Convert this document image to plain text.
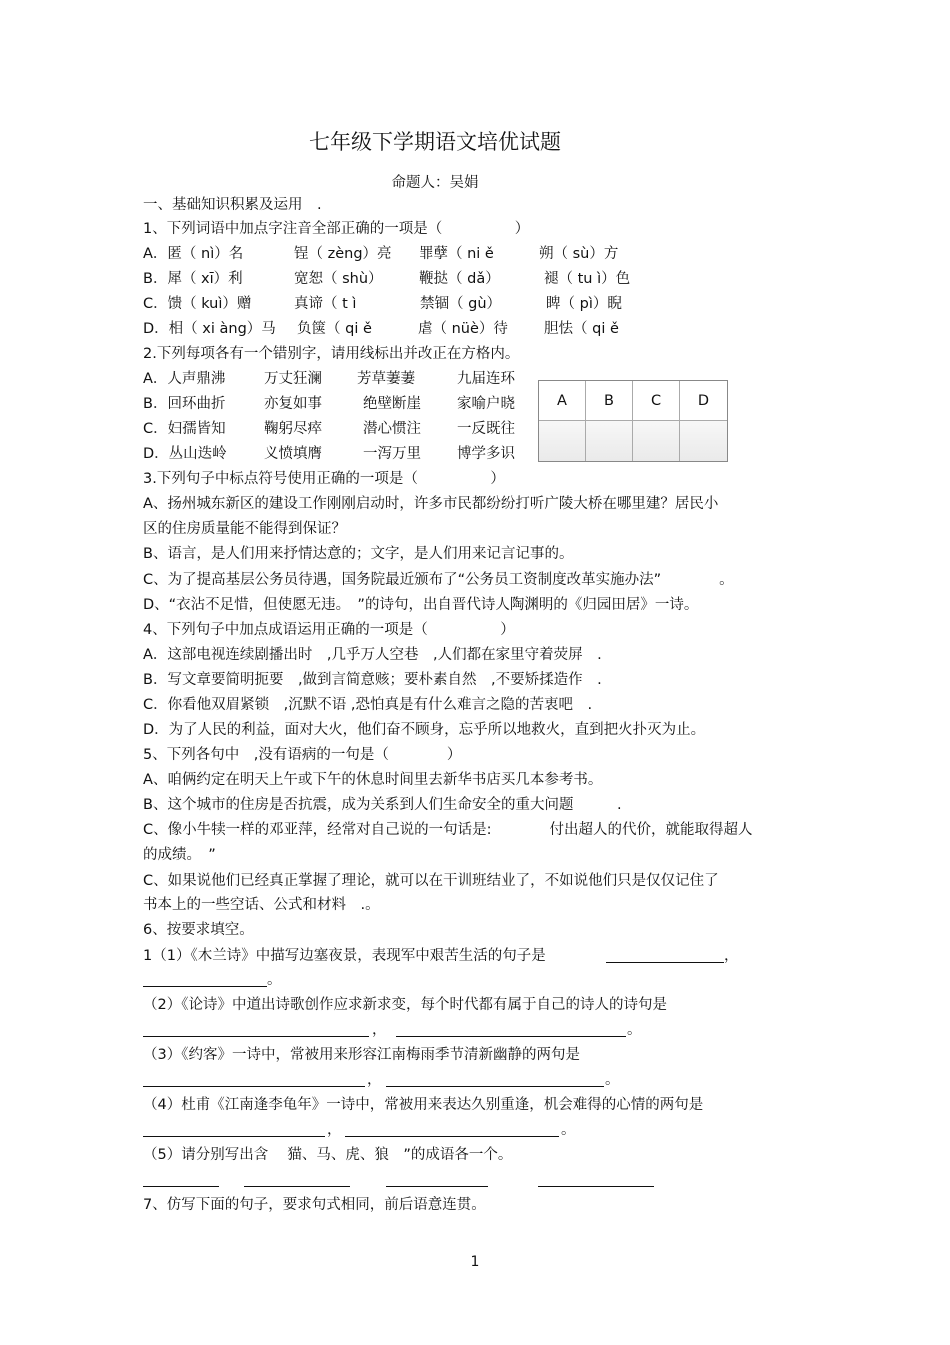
七年级下学期语文培优试题
命题人：吴娟
一、基础知识积累及运用　.
1、下列词语中加点字注音全部正确的一项是（　　　　　）
A．匿（ nì）名	锃（ zèng）亮 罪孽（ ni ě	朔（ sù）方
B．犀（ xī）利	宽恕（ shù）	鞭挞（ dǎ）	褪（ tu ì）色
C．馈（ kuì）赠	真谛（ t ì	禁锢（ gù）	睥（ pì）睨
D．相（ xi àng）马 负箧（ qi ě	虐（ nüè）待 胆怯（ qi ě
2.下列每项各有一个错别字，请用线标出并改正在方格内。
A．人声鼎沸	万丈狂澜 芳草萋萋	九届连环
B．回环曲折	亦复如事	绝壁断崖 家喻户晓
C．妇孺皆知	鞠躬尽瘁	潜心惯注 一反既往
D．丛山迭岭	义愤填膺	一泻万里 博学多识
A	B	C	D
3.下列句子中标点符号使用正确的一项是（　　　　　）
A、扬州城东新区的建设工作刚刚启动时，许多市民都纷纷打听广陵大桥在哪里建？居民小
区的住房质量能不能得到保证？
B、语言，是人们用来抒情达意的；文字，是人们用来记言记事的。
C、为了提高基层公务员待遇，国务院最近颁布了“公务员工资制度改革实施办法”　　　　。
D、“衣沾不足惜，但使愿无违。　”的诗句，出自晋代诗人陶渊明的《归园田居》一诗。
4、下列句子中加点成语运用正确的一项是（　　　　　）
A．这部电视连续剧播出时　,几乎万人空巷　,人们都在家里守着荧屏　.
B．写文章要简明扼要　,做到言简意赅；要朴素自然　,不要矫揉造作　.
C．你看他双眉紧锁　,沉默不语 ,恐怕真是有什么难言之隐的苦衷吧　.
D．为了人民的利益，面对大火，他们奋不顾身，忘乎所以地救火，直到把火扑灭为止。
5、下列各句中　,没有语病的一句是（　　　　）
A、咱俩约定在明天上午或下午的休息时间里去新华书店买几本参考书。
B、这个城市的住房是否抗震，成为关系到人们生命安全的重大问题　　　.
C、像小牛犊一样的邓亚萍，经常对自己说的一句话是:　　　　付出超人的代价，就能取得超人
的成绩。　”
C、如果说他们已经真正掌握了理论，就可以在干训班结业了，不如说他们只是仅仅记住了
书本上的一些空话、公式和材料　.。
6、按要求填空。
1（1）《木兰诗》中描写边塞夜景，表现军中艰苦生活的句子是	，
。
（2）《论诗》中道出诗歌创作应求新求变，每个时代都有属于自己的诗人的诗句是
，	。
（3）《约客》一诗中，常被用来形容江南梅雨季节清新幽静的两句是
，	。
（4）杜甫《江南逢李龟年》一诗中，常被用来表达久别重逢，机会难得的心情的两句是
，	。
（5）请分别写出含　 猫、马、虎、狼　”的成语各一个。
7、仿写下面的句子，要求句式相同，前后语意连贯。
1
